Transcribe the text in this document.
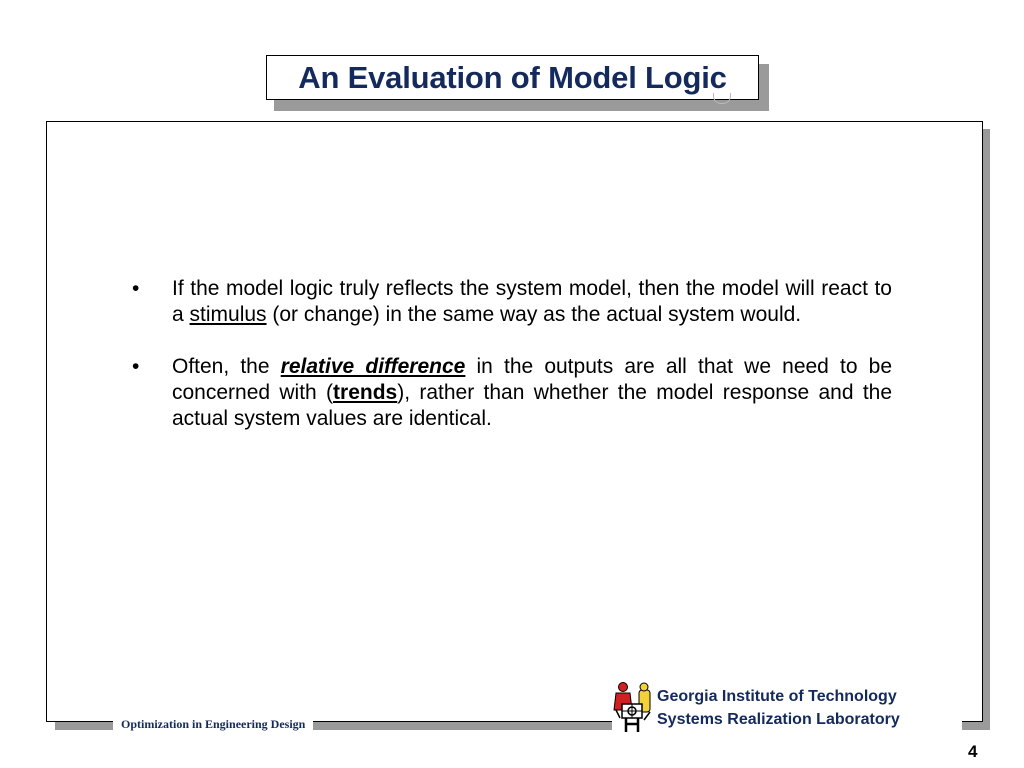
An Evaluation of Model Logic
• If the model logic truly reflects the system model, then the model will react to a stimulus (or change) in the same way as the actual system would.
• Often, the relative difference in the outputs are all that we need to be concerned with (trends), rather than whether the model response and the actual system values are identical.
Optimization in Engineering Design
Georgia Institute of Technology
Systems Realization Laboratory
4
